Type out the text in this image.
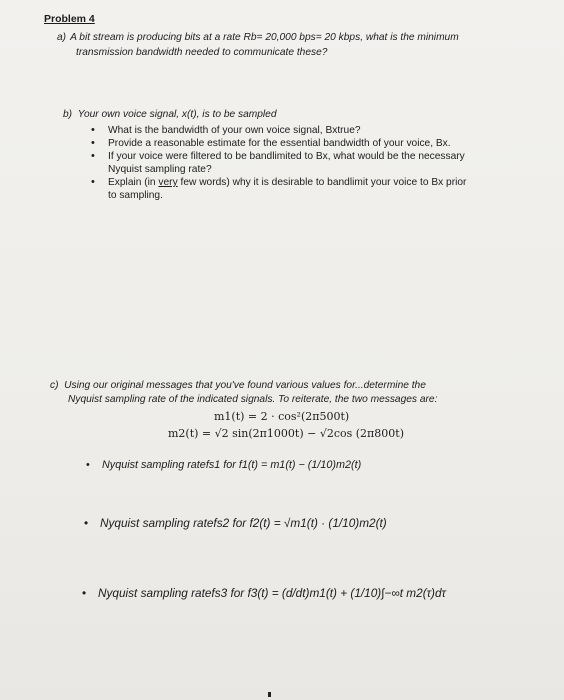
Problem 4
a) A bit stream is producing bits at a rate Rb= 20,000 bps= 20 kbps, what is the minimum
transmission bandwidth needed to communicate these?
b) Your own voice signal, x(t), is to be sampled
• What is the bandwidth of your own voice signal, Bxtrue?
• Provide a reasonable estimate for the essential bandwidth of your voice, Bx.
• If your voice were filtered to be bandlimited to Bx, what would be the necessary
Nyquist sampling rate?
• Explain (in very few words) why it is desirable to bandlimit your voice to Bx prior
to sampling.
c) Using our original messages that you've found various values for...determine the
Nyquist sampling rate of the indicated signals. To reiterate, the two messages are:
m1(t) = 2 · cos²(2π500t)
m2(t) = √2 sin(2π1000t) − √2cos (2π800t)
• Nyquist sampling ratefs1 for f1(t) = m1(t) − (1/10)m2(t)
• Nyquist sampling ratefs2 for f2(t) = √m1(t) · (1/10)m2(t)
• Nyquist sampling ratefs3 for f3(t) = (d/dt)m1(t) + (1/10)∫−∞t m2(τ)dτ
